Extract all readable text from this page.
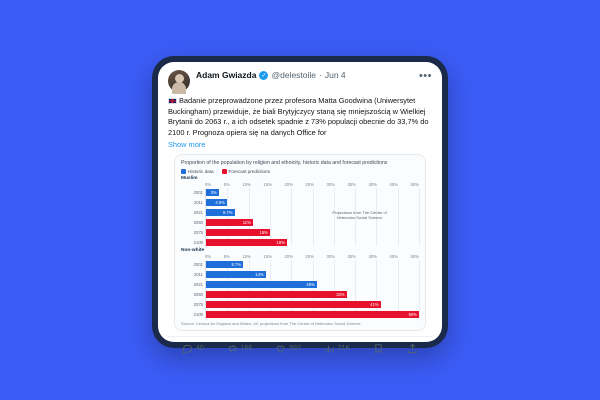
Adam Gwiazda ✓ @delestoile · Jun 4	•••
Badanie przeprowadzone przez profesora Matta Goodwina (Uniwersytet Buckingham) przewiduje, że biali Brytyjczycy staną się mniejszością w Wielkiej Brytanii do 2063 r., a ich odsetek spadnie z 73% populacji obecnie do 33,7% do 2100 r. Prognoza opiera się na danych Office for
Show more
Proportion of the population by religion and ethnicity, historic data and forecast predictions
Historic data	Forecast predictions
Muslim
0%	5%	10%	15%	20%	25%	30%	35%	40%	45%	50%
Projections from The Centre of Heterodox Social Science
2001 3%
2011	4.9%
2021	6.7%
2050	11%
2075	15%
2100	19%
Non-white
0%	5%	10%	15%	20%	25%	30%	35%	40%	45%	50%
2001	8.7%
2011	14%
2021	26%
2050	33%
2075	41%
2100	50%
Source: Census for England and Wales, UK projections from The Centre of Heterodox Social Science
40	166	592	21K
